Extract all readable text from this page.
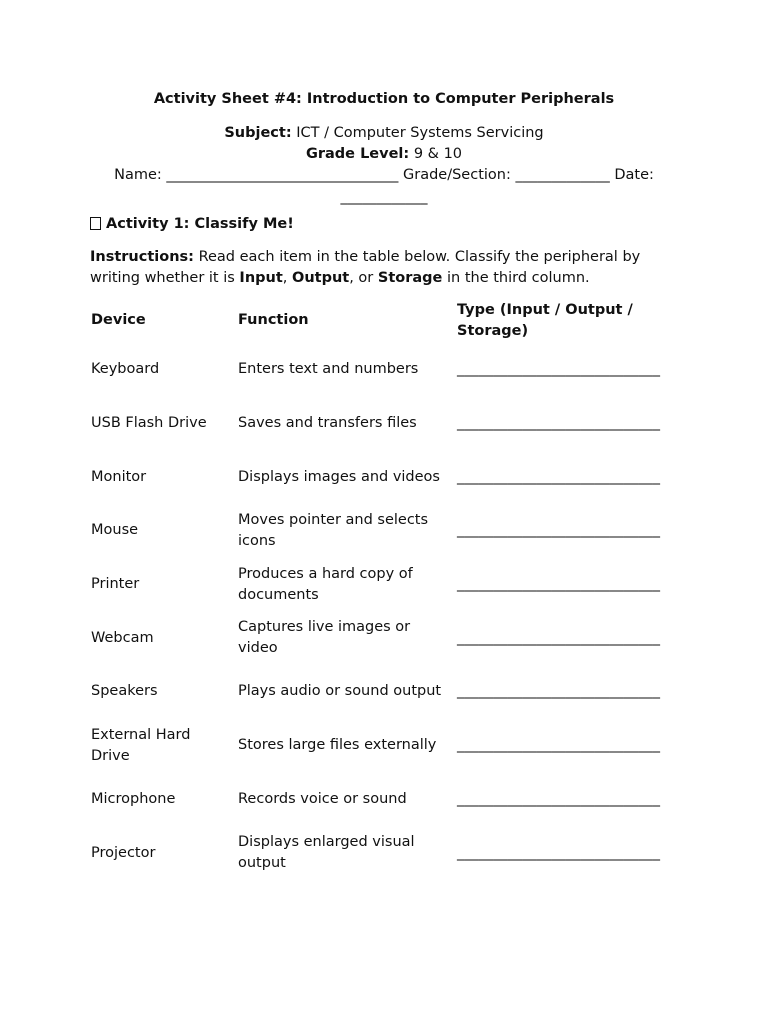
Activity Sheet #4: Introduction to Computer Peripherals
Subject: ICT / Computer Systems Servicing
Grade Level: 9 & 10
Name: ________________________________ Grade/Section: _____________ Date: ____________
Activity 1: Classify Me!
Instructions: Read each item in the table below. Classify the peripheral by writing whether it is Input, Output, or Storage in the third column.
Device	Function	Type (Input / Output / Storage)
Keyboard	Enters text and numbers	____________________________
USB Flash Drive	Saves and transfers files	____________________________
Monitor	Displays images and videos	____________________________
Mouse	Moves pointer and selects icons	____________________________
Printer	Produces a hard copy of documents	____________________________
Webcam	Captures live images or video	____________________________
Speakers	Plays audio or sound output	____________________________
External Hard Drive	Stores large files externally	____________________________
Microphone	Records voice or sound	____________________________
Projector	Displays enlarged visual output	____________________________
